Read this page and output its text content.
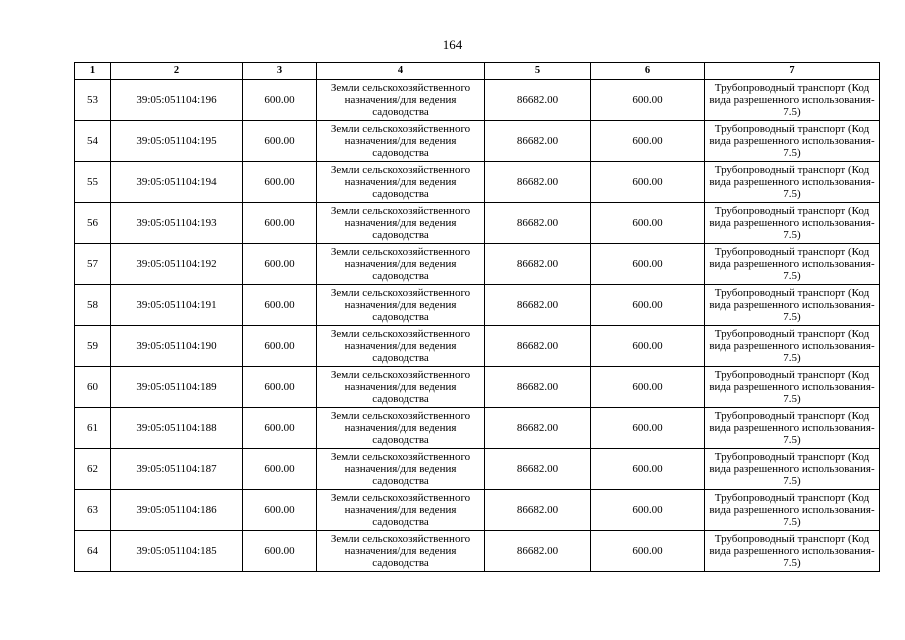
164
1	2	3	4	5	6	7
53	39:05:051104:196	600.00	Земли сельскохозяйственного назначения/для ведения садоводства	86682.00	600.00	Трубопроводный транспорт (Код вида разрешенного использования- 7.5)
54	39:05:051104:195	600.00	Земли сельскохозяйственного назначения/для ведения садоводства	86682.00	600.00	Трубопроводный транспорт (Код вида разрешенного использования- 7.5)
55	39:05:051104:194	600.00	Земли сельскохозяйственного назначения/для ведения садоводства	86682.00	600.00	Трубопроводный транспорт (Код вида разрешенного использования- 7.5)
56	39:05:051104:193	600.00	Земли сельскохозяйственного назначения/для ведения садоводства	86682.00	600.00	Трубопроводный транспорт (Код вида разрешенного использования- 7.5)
57	39:05:051104:192	600.00	Земли сельскохозяйственного назначения/для ведения садоводства	86682.00	600.00	Трубопроводный транспорт (Код вида разрешенного использования- 7.5)
58	39:05:051104:191	600.00	Земли сельскохозяйственного назначения/для ведения садоводства	86682.00	600.00	Трубопроводный транспорт (Код вида разрешенного использования- 7.5)
59	39:05:051104:190	600.00	Земли сельскохозяйственного назначения/для ведения садоводства	86682.00	600.00	Трубопроводный транспорт (Код вида разрешенного использования- 7.5)
60	39:05:051104:189	600.00	Земли сельскохозяйственного назначения/для ведения садоводства	86682.00	600.00	Трубопроводный транспорт (Код вида разрешенного использования- 7.5)
61	39:05:051104:188	600.00	Земли сельскохозяйственного назначения/для ведения садоводства	86682.00	600.00	Трубопроводный транспорт (Код вида разрешенного использования- 7.5)
62	39:05:051104:187	600.00	Земли сельскохозяйственного назначения/для ведения садоводства	86682.00	600.00	Трубопроводный транспорт (Код вида разрешенного использования- 7.5)
63	39:05:051104:186	600.00	Земли сельскохозяйственного назначения/для ведения садоводства	86682.00	600.00	Трубопроводный транспорт (Код вида разрешенного использования- 7.5)
64	39:05:051104:185	600.00	Земли сельскохозяйственного назначения/для ведения садоводства	86682.00	600.00	Трубопроводный транспорт (Код вида разрешенного использования- 7.5)
